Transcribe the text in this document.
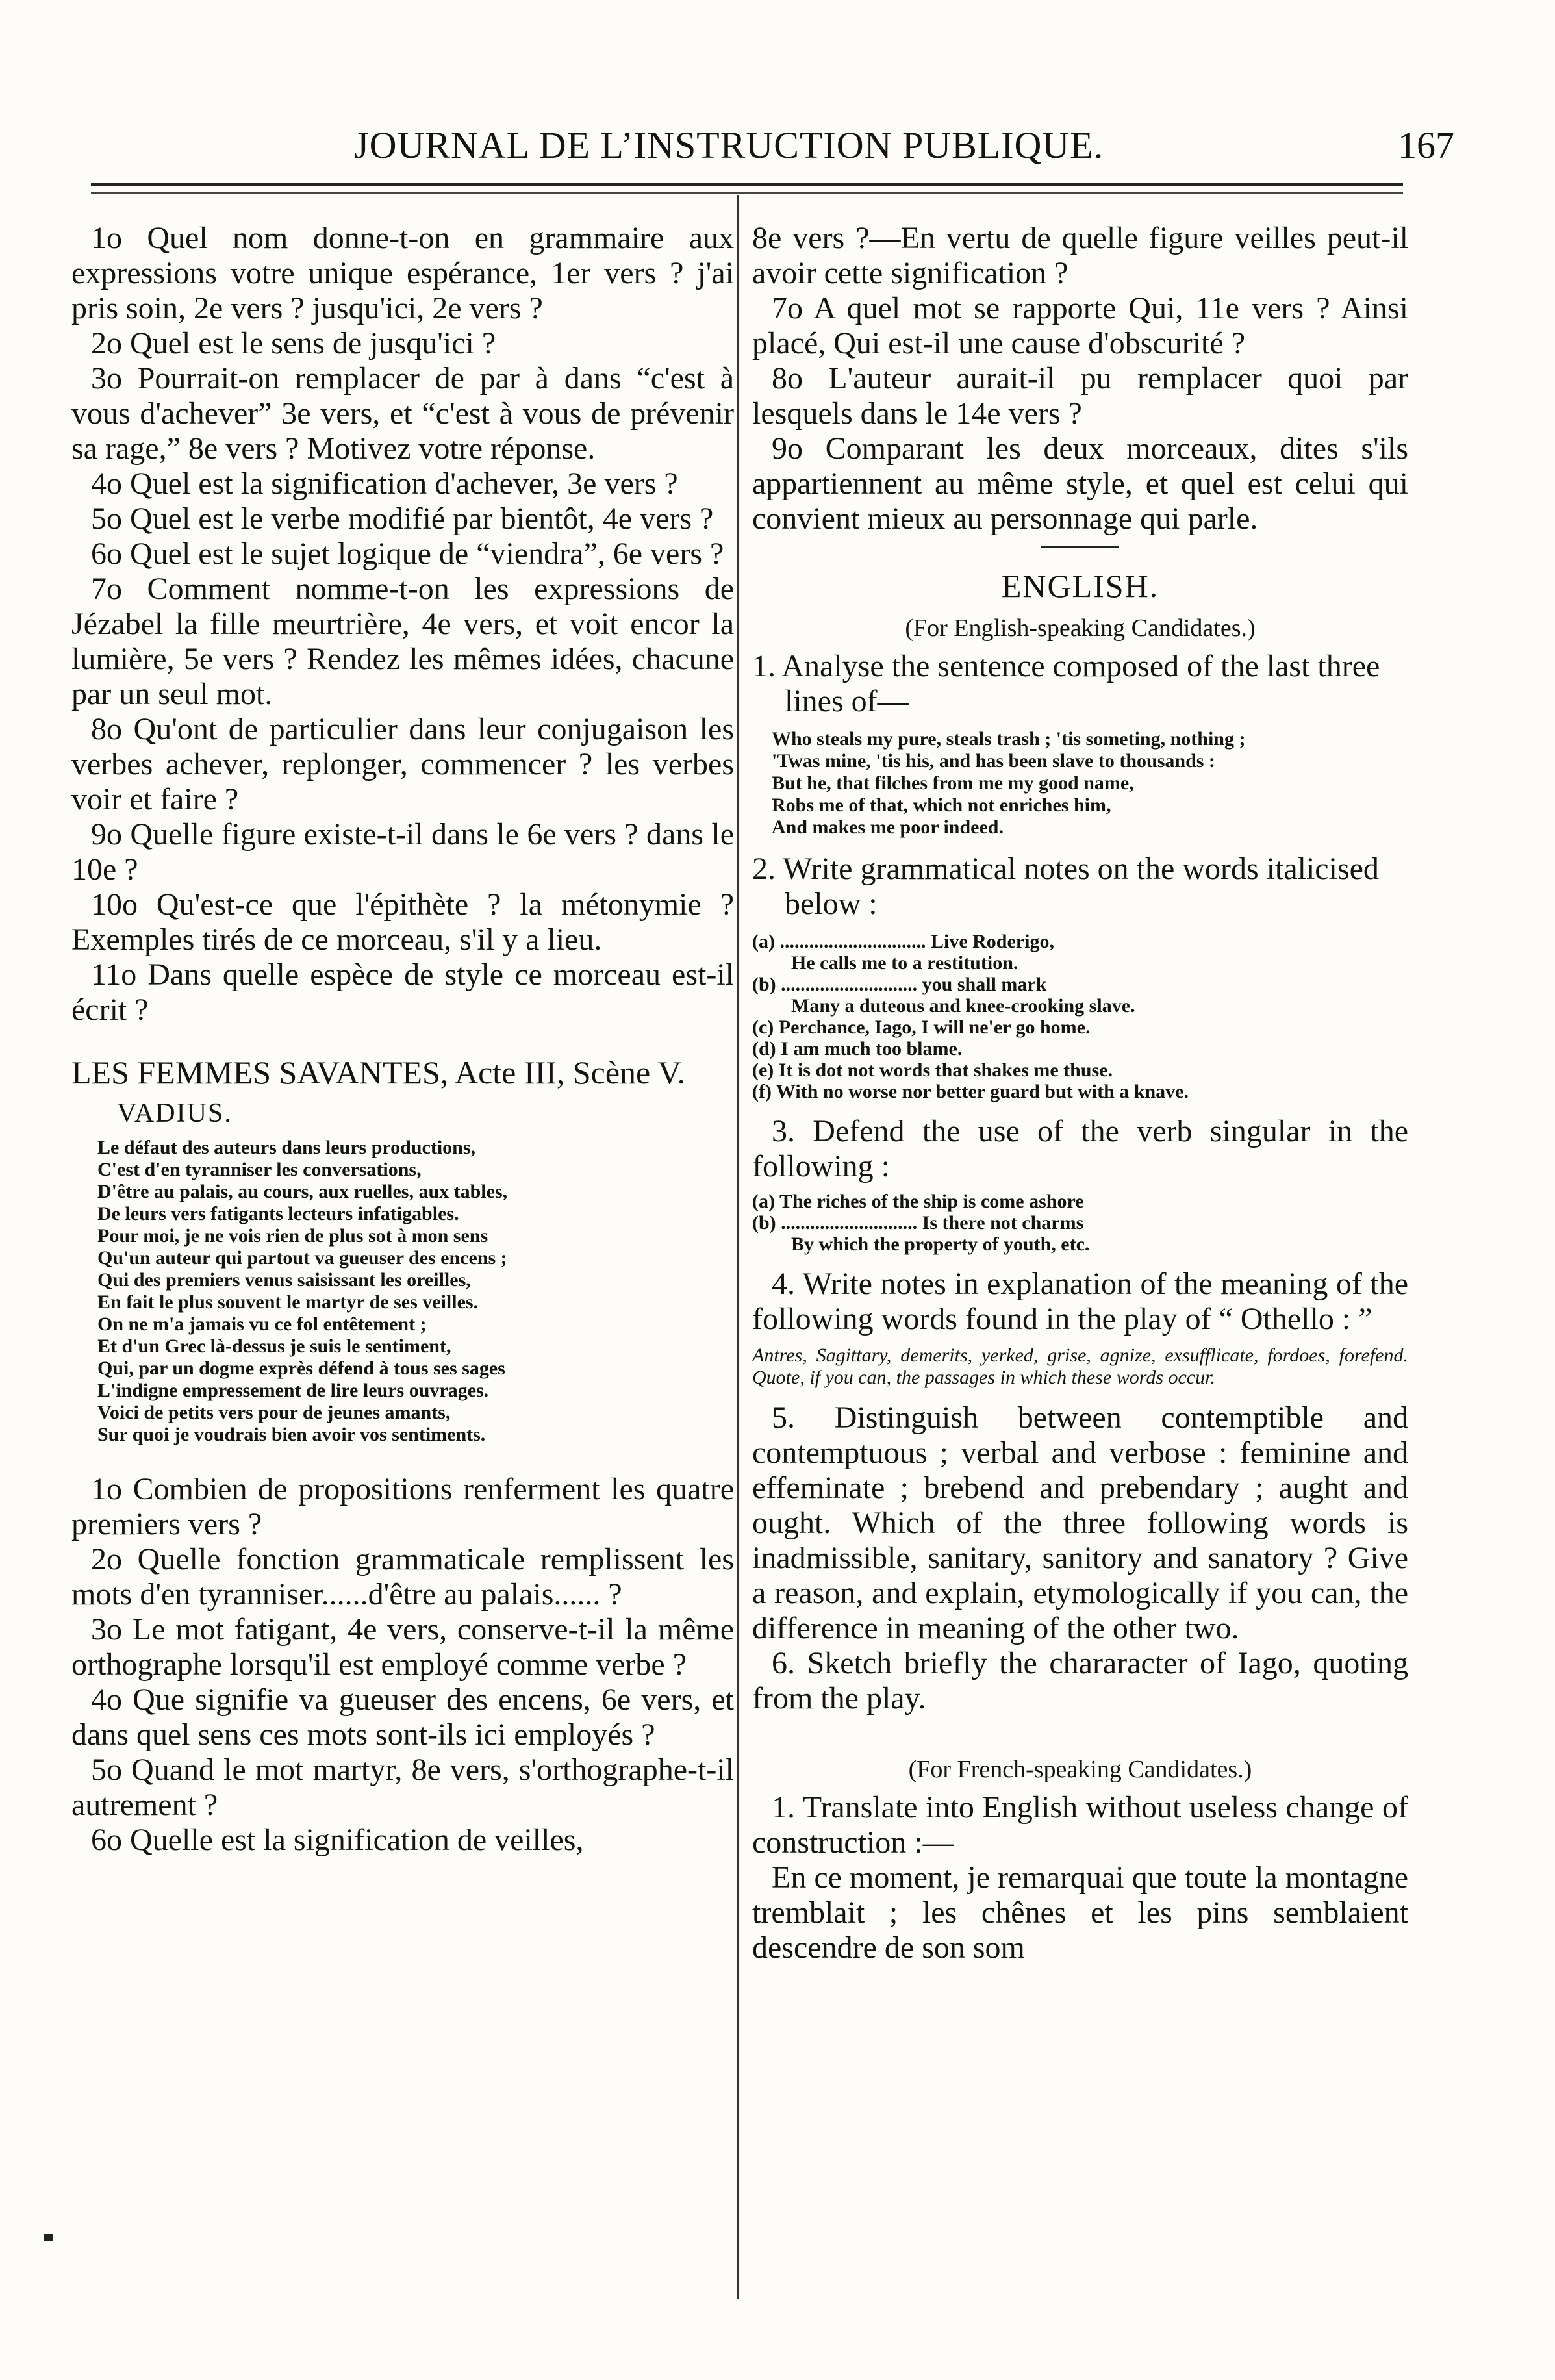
JOURNAL DE L’INSTRUCTION PUBLIQUE.	167

1o Quel nom donne-t-on en grammaire aux expressions votre unique espérance, 1er vers ? j'ai pris soin, 2e vers ? jusqu'ici, 2e vers ?

2o Quel est le sens de jusqu'ici ?

3o Pourrait-on remplacer de par à dans “c'est à vous d'achever” 3e vers, et “c'est à vous de prévenir sa rage,” 8e vers ? Motivez votre réponse.

4o Quel est la signification d'achever, 3e vers ?

5o Quel est le verbe modifié par bientôt, 4e vers ?

6o Quel est le sujet logique de “viendra”, 6e vers ?

7o Comment nomme-t-on les expressions de Jézabel la fille meurtrière, 4e vers, et voit encor la lumière, 5e vers ? Rendez les mêmes idées, chacune par un seul mot.

8o Qu'ont de particulier dans leur conjugaison les verbes achever, replonger, commencer ? les verbes voir et faire ?

9o Quelle figure existe-t-il dans le 6e vers ? dans le 10e ?

10o Qu'est-ce que l'épithète ? la métonymie ? Exemples tirés de ce morceau, s'il y a lieu.

11o Dans quelle espèce de style ce morceau est-il écrit ?

LES FEMMES SAVANTES, Acte III, Scène V.

VADIUS.
Le défaut des auteurs dans leurs productions,
C'est d'en tyranniser les conversations,
D'être au palais, au cours, aux ruelles, aux tables,
De leurs vers fatigants lecteurs infatigables.
Pour moi, je ne vois rien de plus sot à mon sens
Qu'un auteur qui partout va gueuser des encens ;
Qui des premiers venus saisissant les oreilles,
En fait le plus souvent le martyr de ses veilles.
On ne m'a jamais vu ce fol entêtement ;
Et d'un Grec là-dessus je suis le sentiment,
Qui, par un dogme exprès défend à tous ses sages
L'indigne empressement de lire leurs ouvrages.
Voici de petits vers pour de jeunes amants,
Sur quoi je voudrais bien avoir vos sentiments.

1o Combien de propositions renferment les quatre premiers vers ?

2o Quelle fonction grammaticale remplissent les mots d'en tyranniser......d'être au palais...... ?

3o Le mot fatigant, 4e vers, conserve-t-il la même orthographe lorsqu'il est employé comme verbe ?

4o Que signifie va gueuser des encens, 6e vers, et dans quel sens ces mots sont-ils ici employés ?

5o Quand le mot martyr, 8e vers, s'orthographe-t-il autrement ?

6o Quelle est la signification de veilles,

8e vers ?—En vertu de quelle figure veilles peut-il avoir cette signification ?

7o A quel mot se rapporte Qui, 11e vers ? Ainsi placé, Qui est-il une cause d'obscurité ?

8o L'auteur aurait-il pu remplacer quoi par lesquels dans le 14e vers ?

9o Comparant les deux morceaux, dites s'ils appartiennent au même style, et quel est celui qui convient mieux au personnage qui parle.

ENGLISH.
(For English-speaking Candidates.)

1. Analyse the sentence composed of the last three lines of—

Who steals my pure, steals trash ; 'tis someting, nothing ;
'Twas mine, 'tis his, and has been slave to thousands :
But he, that filches from me my good name,
Robs me of that, which not enriches him,
And makes me poor indeed.

2. Write grammatical notes on the words italicised below :

(a) .............................. Live Roderigo,
He calls me to a restitution.
(b) ............................ you shall mark
Many a duteous and knee-crooking slave.
(c) Perchance, Iago, I will ne'er go home.
(d) I am much too blame.
(e) It is dot not words that shakes me thuse.
(f) With no worse nor better guard but with a knave.

3. Defend the use of the verb singular in the following :

(a) The riches of the ship is come ashore
(b) ............................ Is there not charms
By which the property of youth, etc.

4. Write notes in explanation of the meaning of the following words found in the play of “ Othello : ”

Antres, Sagittary, demerits, yerked, grise, agnize, exsufflicate, fordoes, forefend. Quote, if you can, the passages in which these words occur.

5. Distinguish between contemptible and contemptuous ; verbal and verbose : feminine and effeminate ; brebend and prebendary ; aught and ought. Which of the three following words is inadmissible, sanitary, sanitory and sanatory ? Give a reason, and explain, etymologically if you can, the difference in meaning of the other two.

6. Sketch briefly the chararacter of Iago, quoting from the play.

(For French-speaking Candidates.)

1. Translate into English without useless change of construction :—

En ce moment, je remarquai que toute la montagne tremblait ; les chênes et les pins semblaient descendre de son som
